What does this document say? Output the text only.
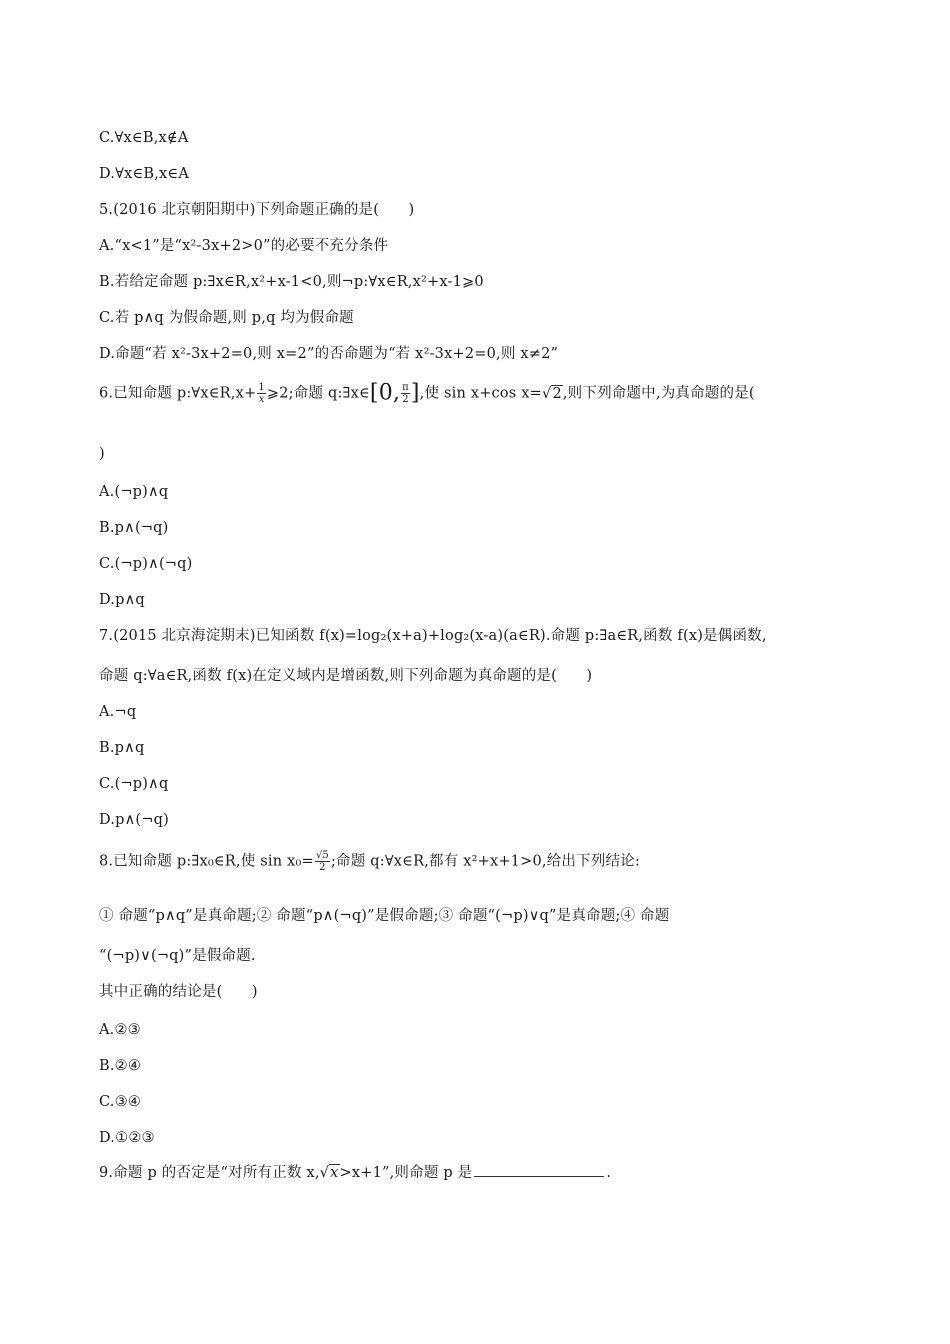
C.∀x∈B,x∉A
D.∀x∈B,x∈A
5.(2016 北京朝阳期中)下列命题正确的是(　　)
A.“x<1”是“x²-3x+2>0”的必要不充分条件
B.若给定命题 p:∃x∈R,x²+x-1<0,则¬p:∀x∈R,x²+x-1⩾0
C.若 p∧q 为假命题,则 p,q 均为假命题
D.命题“若 x²-3x+2=0,则 x=2”的否命题为“若 x²-3x+2=0,则 x≠2”
6.已知命题 p:∀x∈R,x+ $\frac{1}{x}$ ⩾2;命题 q:∃x∈[0, $\frac{\pi}{2}$ ],使 sin x+cos x=√2,则下列命题中,为真命题的是(
)
A.(¬p)∧q
B.p∧(¬q)
C.(¬p)∧(¬q)
D.p∧q
7.(2015 北京海淀期末)已知函数 f(x)=log₂(x+a)+log₂(x-a)(a∈R).命题 p:∃a∈R,函数 f(x)是偶函数,
命题 q:∀a∈R,函数 f(x)在定义域内是增函数,则下列命题为真命题的是(　　)
A.¬q
B.p∧q
C.(¬p)∧q
D.p∧(¬q)
8.已知命题 p:∃x₀∈R,使 $\sin x_0= \frac{√5}{2}$ ;命题 q:∀x∈R,都有 x²+x+1>0,给出下列结论:
① 命题“p∧q”是真命题;② 命题“p∧(¬q)”是假命题;③ 命题“(¬p)∨q”是真命题;④ 命题
“(¬p)∨(¬q)”是假命题.
其中正确的结论是(　　)
A.②③
B.②④
C.③④
D.①②③
9.命题 p 的否定是“对所有正数 x,√x>x+1”,则命题 p 是	.
